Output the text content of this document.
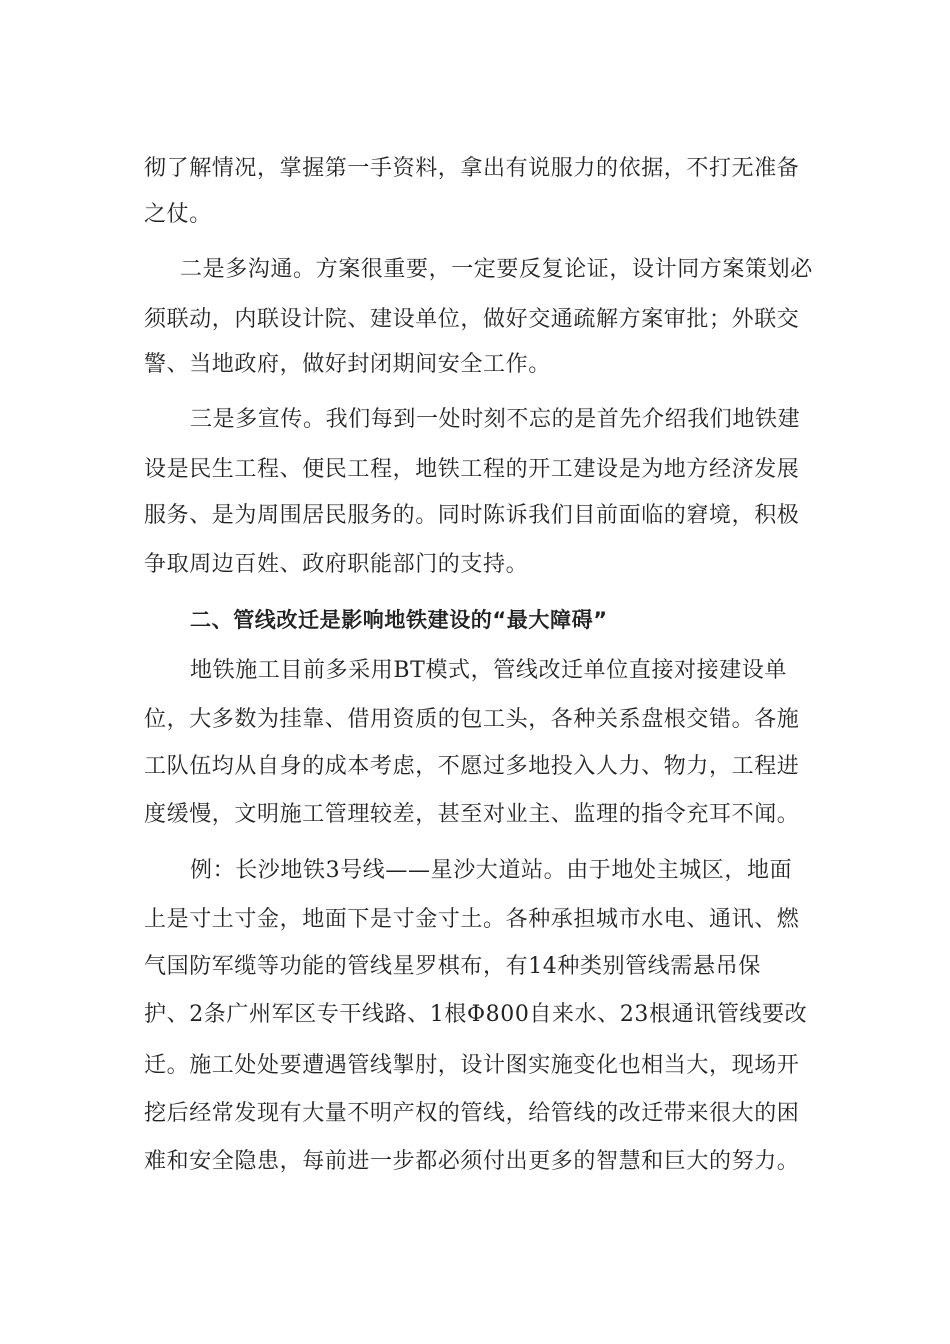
彻了解情况，掌握第一手资料，拿出有说服力的依据，不打无准备
之仗。
二是多沟通。方案很重要，一定要反复论证，设计同方案策划必
须联动，内联设计院、建设单位，做好交通疏解方案审批；外联交
警、当地政府，做好封闭期间安全工作。
三是多宣传。我们每到一处时刻不忘的是首先介绍我们地铁建
设是民生工程、便民工程，地铁工程的开工建设是为地方经济发展
服务、是为周围居民服务的。同时陈诉我们目前面临的窘境，积极
争取周边百姓、政府职能部门的支持。
二、管线改迁是影响地铁建设的“最大障碍”
地铁施工目前多采用BT模式，管线改迁单位直接对接建设单
位，大多数为挂靠、借用资质的包工头，各种关系盘根交错。各施
工队伍均从自身的成本考虑，不愿过多地投入人力、物力，工程进
度缓慢，文明施工管理较差，甚至对业主、监理的指令充耳不闻。
例：长沙地铁3号线——星沙大道站。由于地处主城区，地面
上是寸土寸金，地面下是寸金寸土。各种承担城市水电、通讯、燃
气国防军缆等功能的管线星罗棋布，有14种类别管线需悬吊保
护、2条广州军区专干线路、1根Φ800自来水、23根通讯管线要改
迁。施工处处要遭遇管线掣肘，设计图实施变化也相当大，现场开
挖后经常发现有大量不明产权的管线，给管线的改迁带来很大的困
难和安全隐患，每前进一步都必须付出更多的智慧和巨大的努力。
